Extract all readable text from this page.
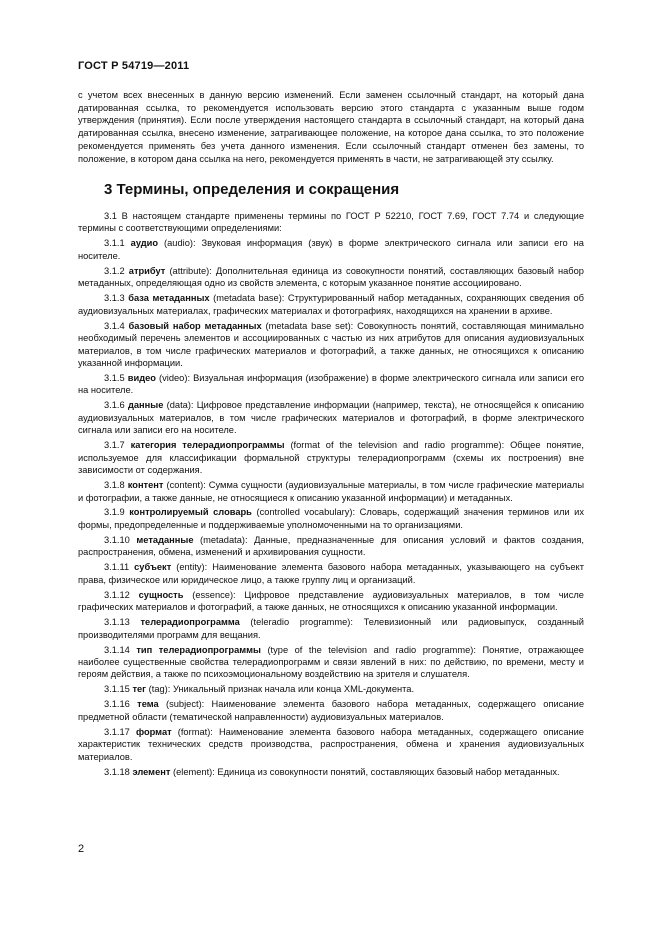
ГОСТ Р 54719—2011
с учетом всех внесенных в данную версию изменений. Если заменен ссылочный стандарт, на который дана датированная ссылка, то рекомендуется использовать версию этого стандарта с указанным выше годом утверждения (принятия). Если после утверждения настоящего стандарта в ссылочный стандарт, на который дана датированная ссылка, внесено изменение, затрагивающее положение, на которое дана ссылка, то это положение рекомендуется применять без учета данного изменения. Если ссылочный стандарт отменен без замены, то положение, в котором дана ссылка на него, рекомендуется применять в части, не затрагивающей эту ссылку.
3 Термины, определения и сокращения

3.1 В настоящем стандарте применены термины по ГОСТ Р 52210, ГОСТ 7.69, ГОСТ 7.74 и следующие термины с соответствующими определениями:

3.1.1 аудио (audio): Звуковая информация (звук) в форме электрического сигнала или записи его на носителе.

3.1.2 атрибут (attribute): Дополнительная единица из совокупности понятий, составляющих базовый набор метаданных, определяющая одно из свойств элемента, с которым указанное понятие ассоциировано.

3.1.3 база метаданных (metadata base): Структурированный набор метаданных, сохраняющих сведения об аудиовизуальных материалах, графических материалах и фотографиях, находящихся на хранении в архиве.

3.1.4 базовый набор метаданных (metadata base set): Совокупность понятий, составляющая минимально необходимый перечень элементов и ассоциированных с частью из них атрибутов для описания аудиовизуальных материалов, в том числе графических материалов и фотографий, а также данных, не относящихся к описанию указанной информации.

3.1.5 видео (video): Визуальная информация (изображение) в форме электрического сигнала или записи его на носителе.

3.1.6 данные (data): Цифровое представление информации (например, текста), не относящейся к описанию аудиовизуальных материалов, в том числе графических материалов и фотографий, в форме электрического сигнала или записи его на носителе.

3.1.7 категория телерадиопрограммы (format of the television and radio programme): Общее понятие, используемое для классификации формальной структуры телерадиопрограмм (схемы их построения) вне зависимости от содержания.

3.1.8 контент (content): Сумма сущности (аудиовизуальные материалы, в том числе графические материалы и фотографии, а также данные, не относящиеся к описанию указанной информации) и метаданных.

3.1.9 контролируемый словарь (controlled vocabulary): Словарь, содержащий значения терминов или их формы, предопределенные и поддерживаемые уполномоченными на то организациями.

3.1.10 метаданные (metadata): Данные, предназначенные для описания условий и фактов создания, распространения, обмена, изменений и архивирования сущности.

3.1.11 субъект (entity): Наименование элемента базового набора метаданных, указывающего на субъект права, физическое или юридическое лицо, а также группу лиц и организаций.

3.1.12 сущность (essence): Цифровое представление аудиовизуальных материалов, в том числе графических материалов и фотографий, а также данных, не относящихся к описанию указанной информации.

3.1.13 телерадиопрограмма (teleradio programme): Телевизионный или радиовыпуск, созданный производителями программ для вещания.

3.1.14 тип телерадиопрограммы (type of the television and radio programme): Понятие, отражающее наиболее существенные свойства телерадиопрограмм и связи явлений в них: по действию, по времени, месту и героям действия, а также по психоэмоциональному воздействию на зрителя и слушателя.

3.1.15 тег (tag): Уникальный признак начала или конца XML-документа.

3.1.16 тема (subject): Наименование элемента базового набора метаданных, содержащего описание предметной области (тематической направленности) аудиовизуальных материалов.

3.1.17 формат (format): Наименование элемента базового набора метаданных, содержащего описание характеристик технических средств производства, распространения, обмена и хранения аудиовизуальных материалов.

3.1.18 элемент (element): Единица из совокупности понятий, составляющих базовый набор метаданных.

2
